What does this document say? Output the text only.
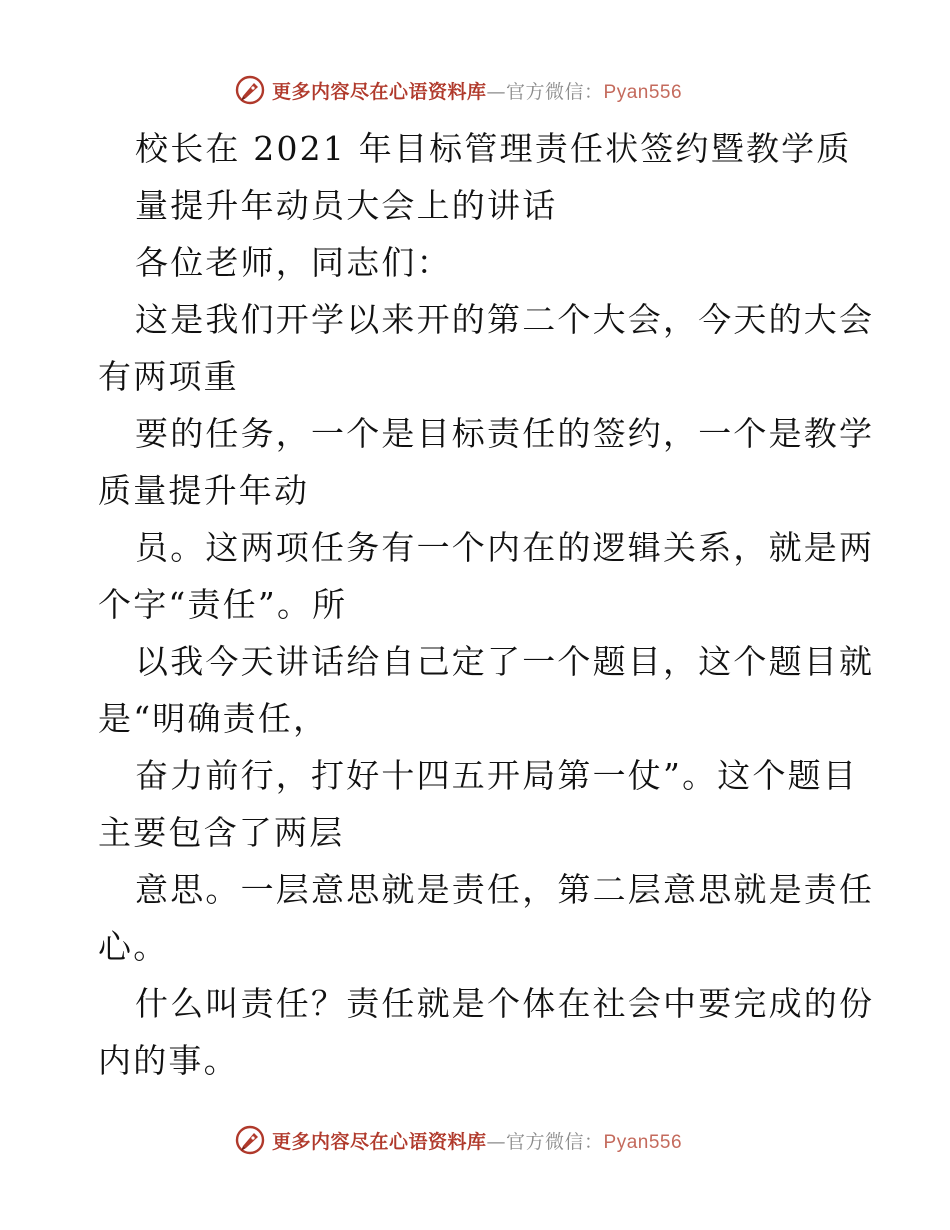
更多内容尽在心语资料库—官方微信：Pyan556
校长在 2021 年目标管理责任状签约暨教学质
量提升年动员大会上的讲话
各位老师，同志们：
这是我们开学以来开的第二个大会，今天的大会
有两项重
要的任务，一个是目标责任的签约，一个是教学
质量提升年动
员。这两项任务有一个内在的逻辑关系，就是两
个字“责任”。所
以我今天讲话给自己定了一个题目，这个题目就
是“明确责任，
奋力前行，打好十四五开局第一仗”。这个题目
主要包含了两层
意思。一层意思就是责任，第二层意思就是责任
心。
什么叫责任？责任就是个体在社会中要完成的份
内的事。
更多内容尽在心语资料库—官方微信：Pyan556
